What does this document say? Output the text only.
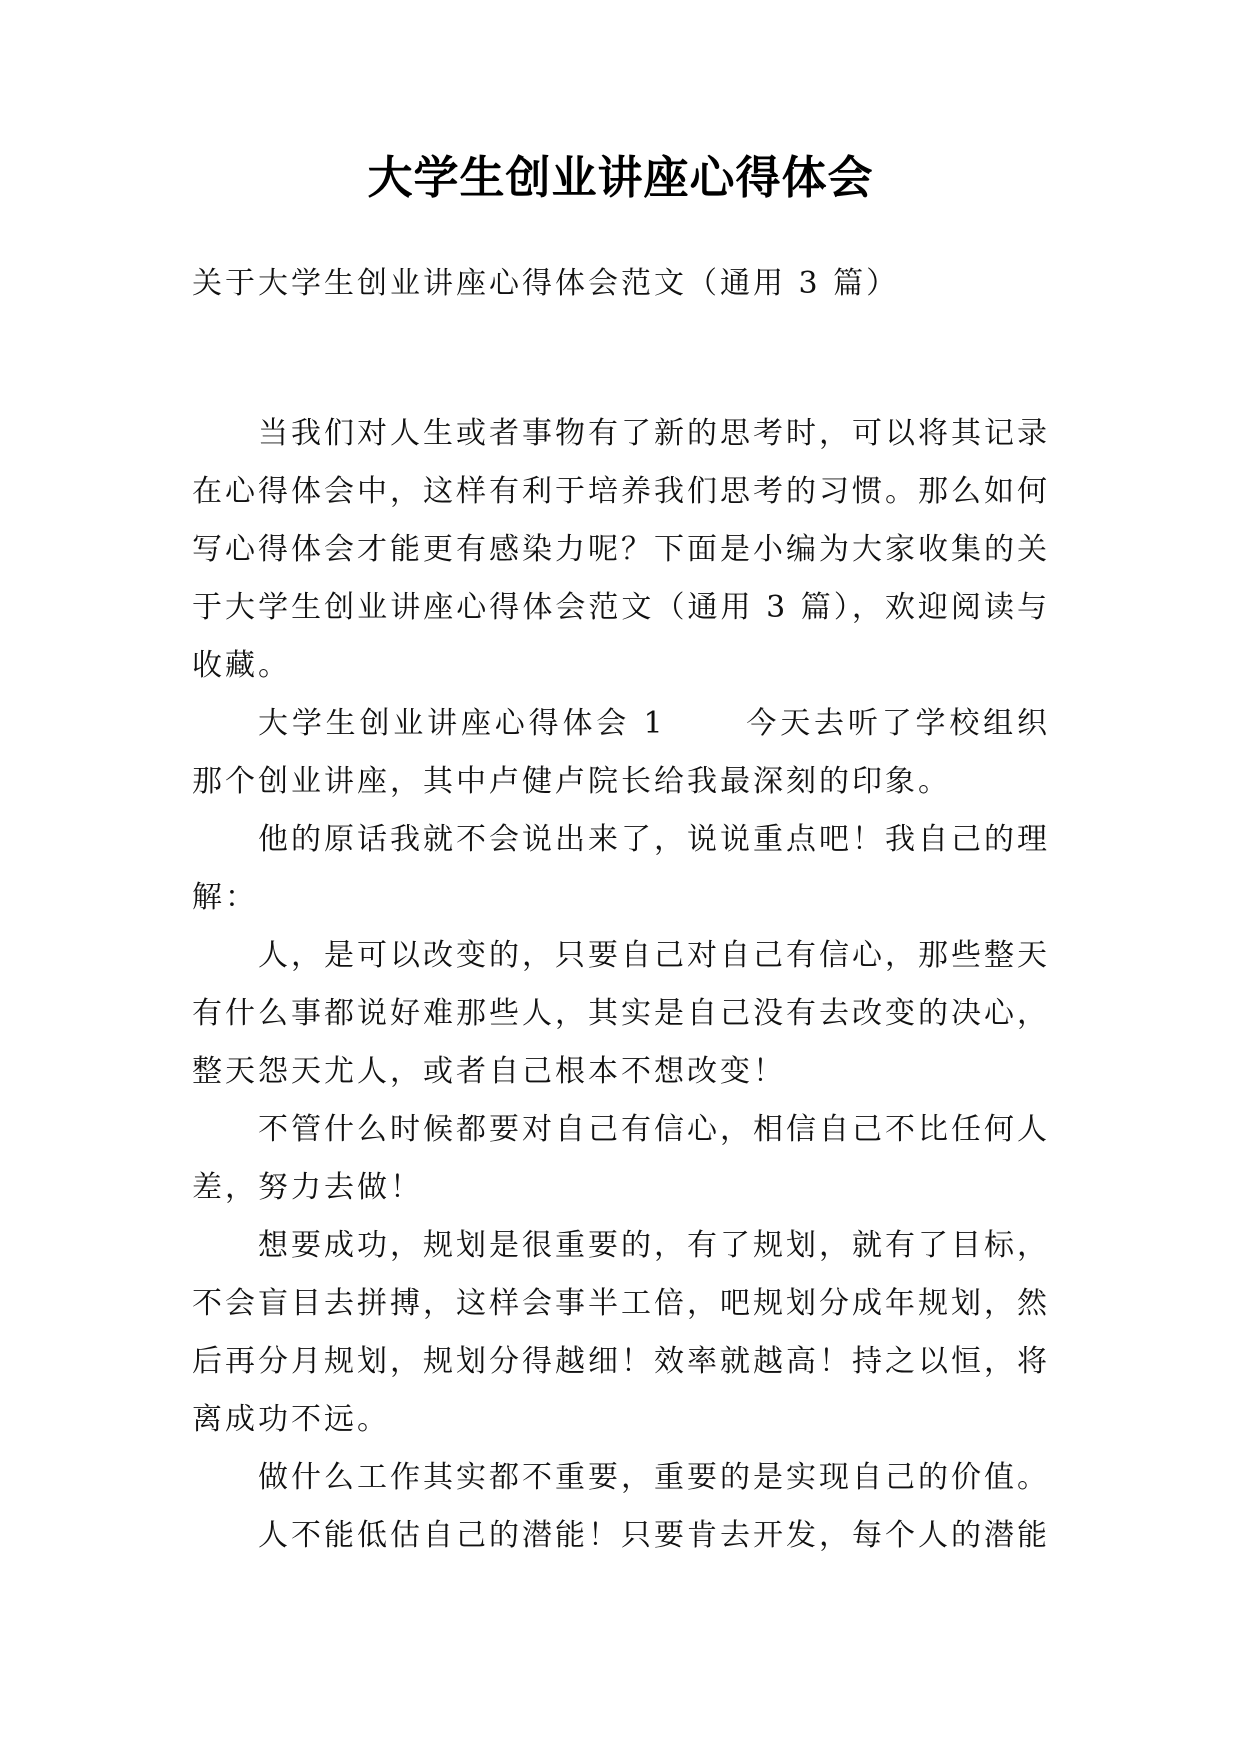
大学生创业讲座心得体会
关于大学生创业讲座心得体会范文（通用 3 篇）

当我们对人生或者事物有了新的思考时，可以将其记录在心得体会中，这样有利于培养我们思考的习惯。那么如何写心得体会才能更有感染力呢？下面是小编为大家收集的关于大学生创业讲座心得体会范文（通用 3 篇），欢迎阅读与收藏。

大学生创业讲座心得体会 1	今天去听了学校组织那个创业讲座，其中卢健卢院长给我最深刻的印象。

他的原话我就不会说出来了，说说重点吧！我自己的理解：

人，是可以改变的，只要自己对自己有信心，那些整天有什么事都说好难那些人，其实是自己没有去改变的决心，整天怨天尤人，或者自己根本不想改变！

不管什么时候都要对自己有信心，相信自己不比任何人差，努力去做！

想要成功，规划是很重要的，有了规划，就有了目标，不会盲目去拼搏，这样会事半工倍，吧规划分成年规划，然后再分月规划，规划分得越细！效率就越高！持之以恒，将离成功不远。

做什么工作其实都不重要，重要的是实现自己的价值。

人不能低估自己的潜能！只要肯去开发，每个人的潜能
